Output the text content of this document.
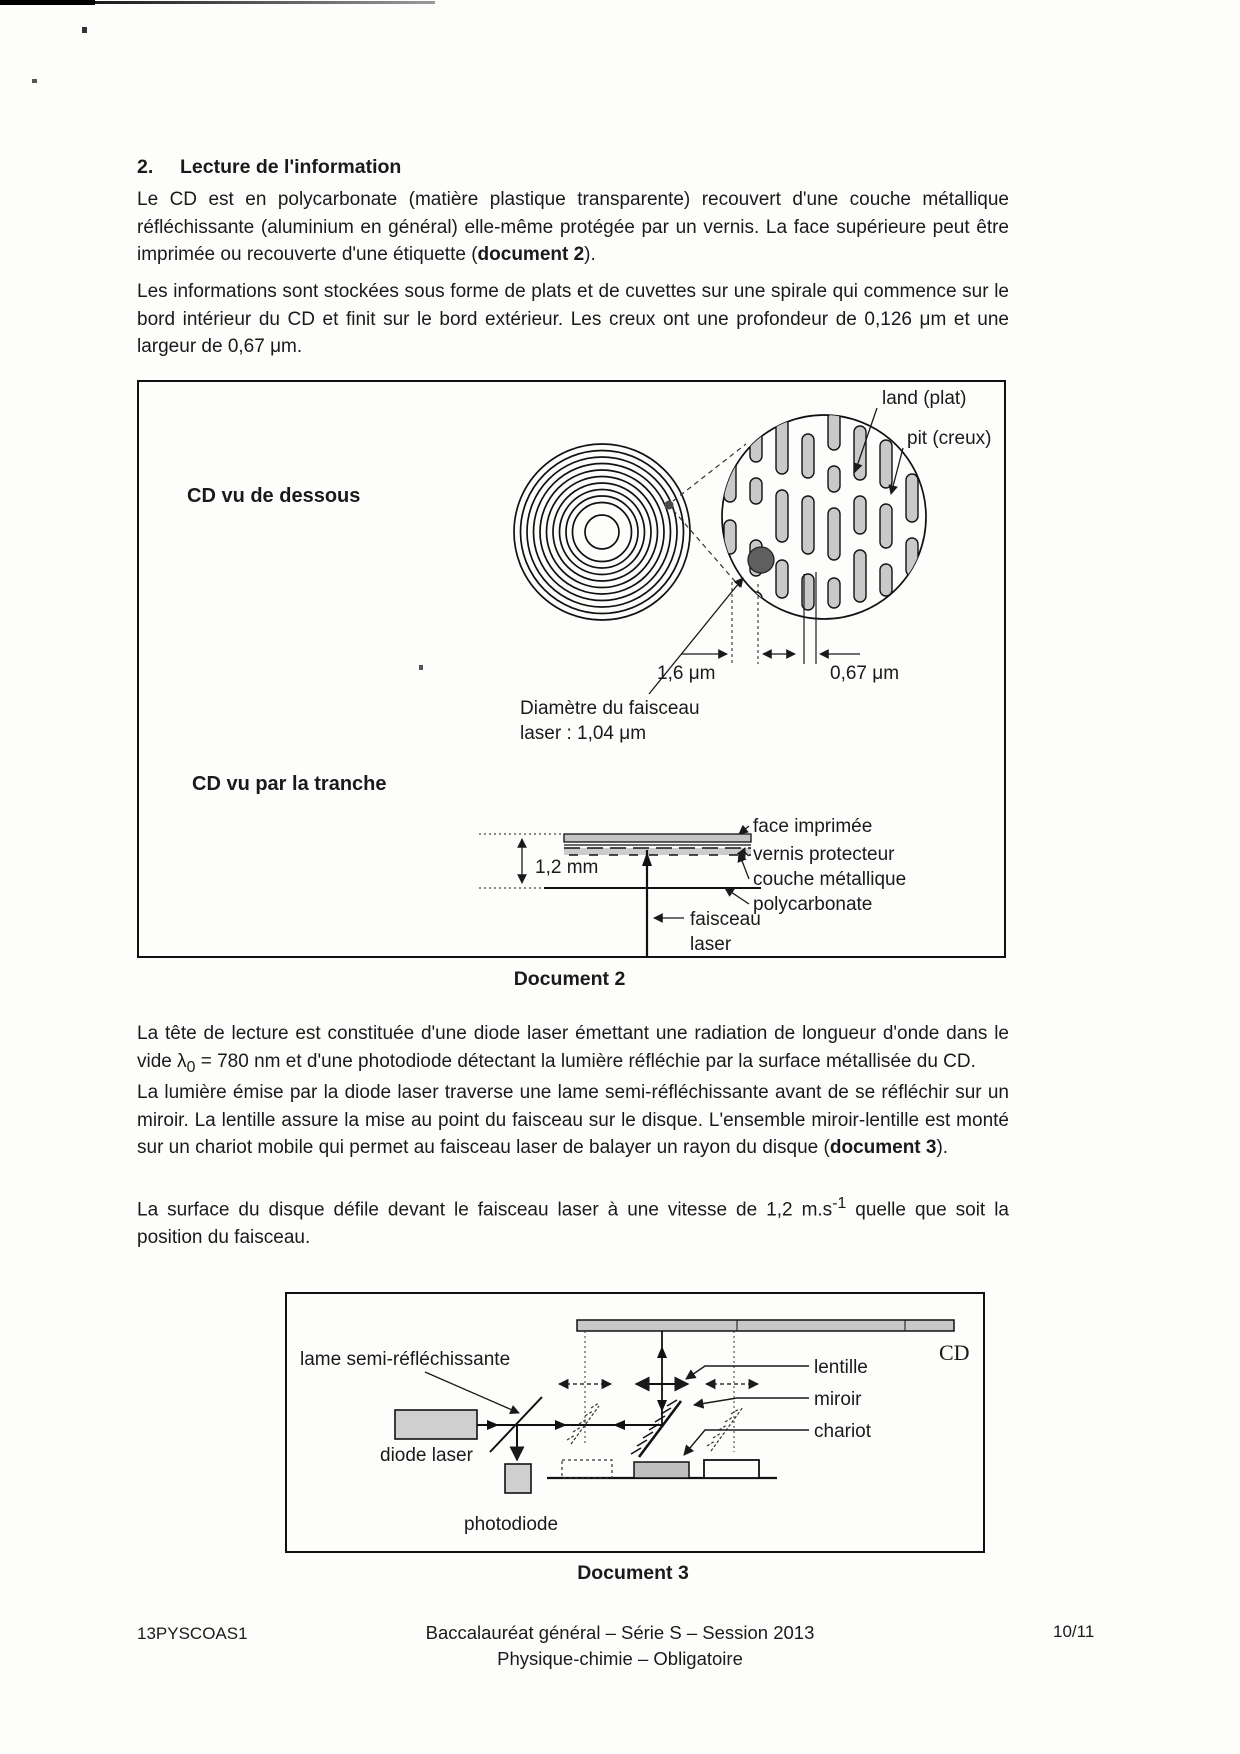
2. Lecture de l'information
Le CD est en polycarbonate (matière plastique transparente) recouvert d'une couche métallique réfléchissante (aluminium en général) elle-même protégée par un vernis. La face supérieure peut être imprimée ou recouverte d'une étiquette (document 2).
Les informations sont stockées sous forme de plats et de cuvettes sur une spirale qui commence sur le bord intérieur du CD et finit sur le bord extérieur. Les creux ont une profondeur de 0,126 μm et une largeur de 0,67 μm.
CD vu de dessous
land (plat)
pit (creux)
1,6 μm	0,67 μm
Diamètre du faisceau
laser : 1,04 μm
CD vu par la tranche
1,2 mm
faisceau
laser
face imprimée
vernis protecteur
couche métallique
polycarbonate
Document 2
La tête de lecture est constituée d'une diode laser émettant une radiation de longueur d'onde dans le vide $\lambda_0 = 780$ nm et d'une photodiode détectant la lumière réfléchie par la surface métallisée du CD.
La lumière émise par la diode laser traverse une lame semi-réfléchissante avant de se réfléchir sur un miroir. La lentille assure la mise au point du faisceau sur le disque. L'ensemble miroir-lentille est monté sur un chariot mobile qui permet au faisceau laser de balayer un rayon du disque (document 3).
La surface du disque défile devant le faisceau laser à une vitesse de 1,2 $m.s^{-1}$ quelle que soit la position du faisceau.
CD
lame semi-réfléchissante
diode laser
photodiode
lentille
miroir
chariot
Document 3
13PYSCOAS1	Baccalauréat général – Série S – Session 2013
Physique-chimie – Obligatoire
10/11
